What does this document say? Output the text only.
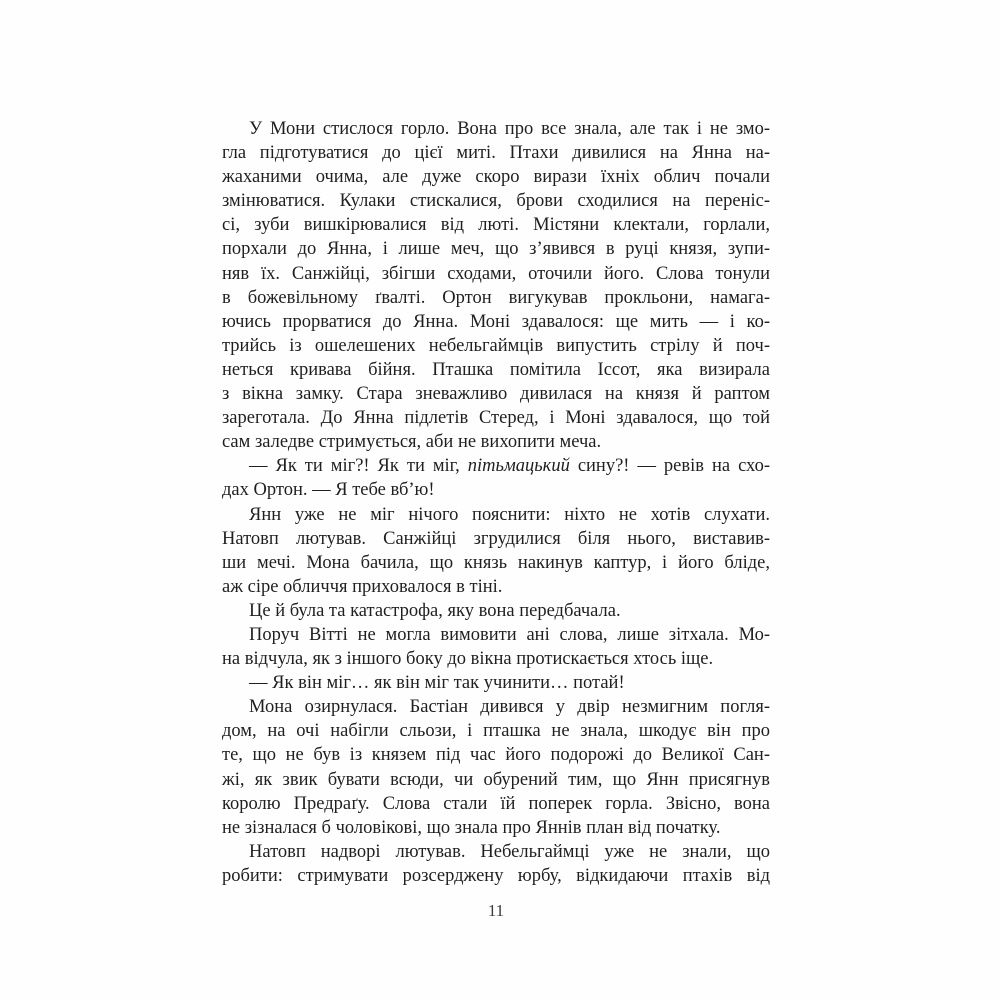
У Мони стислося горло. Вона про все знала, але так і не змо-
гла підготуватися до цієї миті. Птахи дивилися на Янна на-
жаханими очима, але дуже скоро вирази їхніх облич почали
змінюватися. Кулаки стискалися, брови сходилися на переніс-
сі, зуби вишкірювалися від люті. Містяни клектали, горлали,
порхали до Янна, і лише меч, що з’явився в руці князя, зупи-
няв їх. Санжійці, збігши сходами, оточили його. Слова тонули
в божевільному ґвалті. Ортон вигукував прокльони, намага-
ючись прорватися до Янна. Моні здавалося: ще мить — і ко-
трийсь із ошелешених небельгаймців випустить стрілу й поч-
неться кривава бійня. Пташка помітила Іссот, яка визирала
з вікна замку. Стара зневажливо дивилася на князя й раптом
зареготала. До Янна підлетів Стеред, і Моні здавалося, що той
сам заледве стримується, аби не вихопити меча.
— Як ти міг?! Як ти міг, пітьмацький сину?! — ревів на схо-
дах Ортон. — Я тебе вб’ю!
Янн уже не міг нічого пояснити: ніхто не хотів слухати.
Натовп лютував. Санжійці згрудилися біля нього, виставив-
ши мечі. Мона бачила, що князь накинув каптур, і його бліде,
аж сіре обличчя приховалося в тіні.
Це й була та катастрофа, яку вона передбачала.
Поруч Вітті не могла вимовити ані слова, лише зітхала. Мо-
на відчула, як з іншого боку до вікна протискається хтось іще.
— Як він міг… як він міг так учинити… потай!
Мона озирнулася. Бастіан дивився у двір незмигним погля-
дом, на очі набігли сльози, і пташка не знала, шкодує він про
те, що не був із князем під час його подорожі до Великої Сан-
жі, як звик бувати всюди, чи обурений тим, що Янн присягнув
королю Предраґу. Слова стали їй поперек горла. Звісно, вона
не зізналася б чоловікові, що знала про Яннів план від початку.
Натовп надворі лютував. Небельгаймці уже не знали, що
робити: стримувати розсерджену юрбу, відкидаючи птахів від
11
